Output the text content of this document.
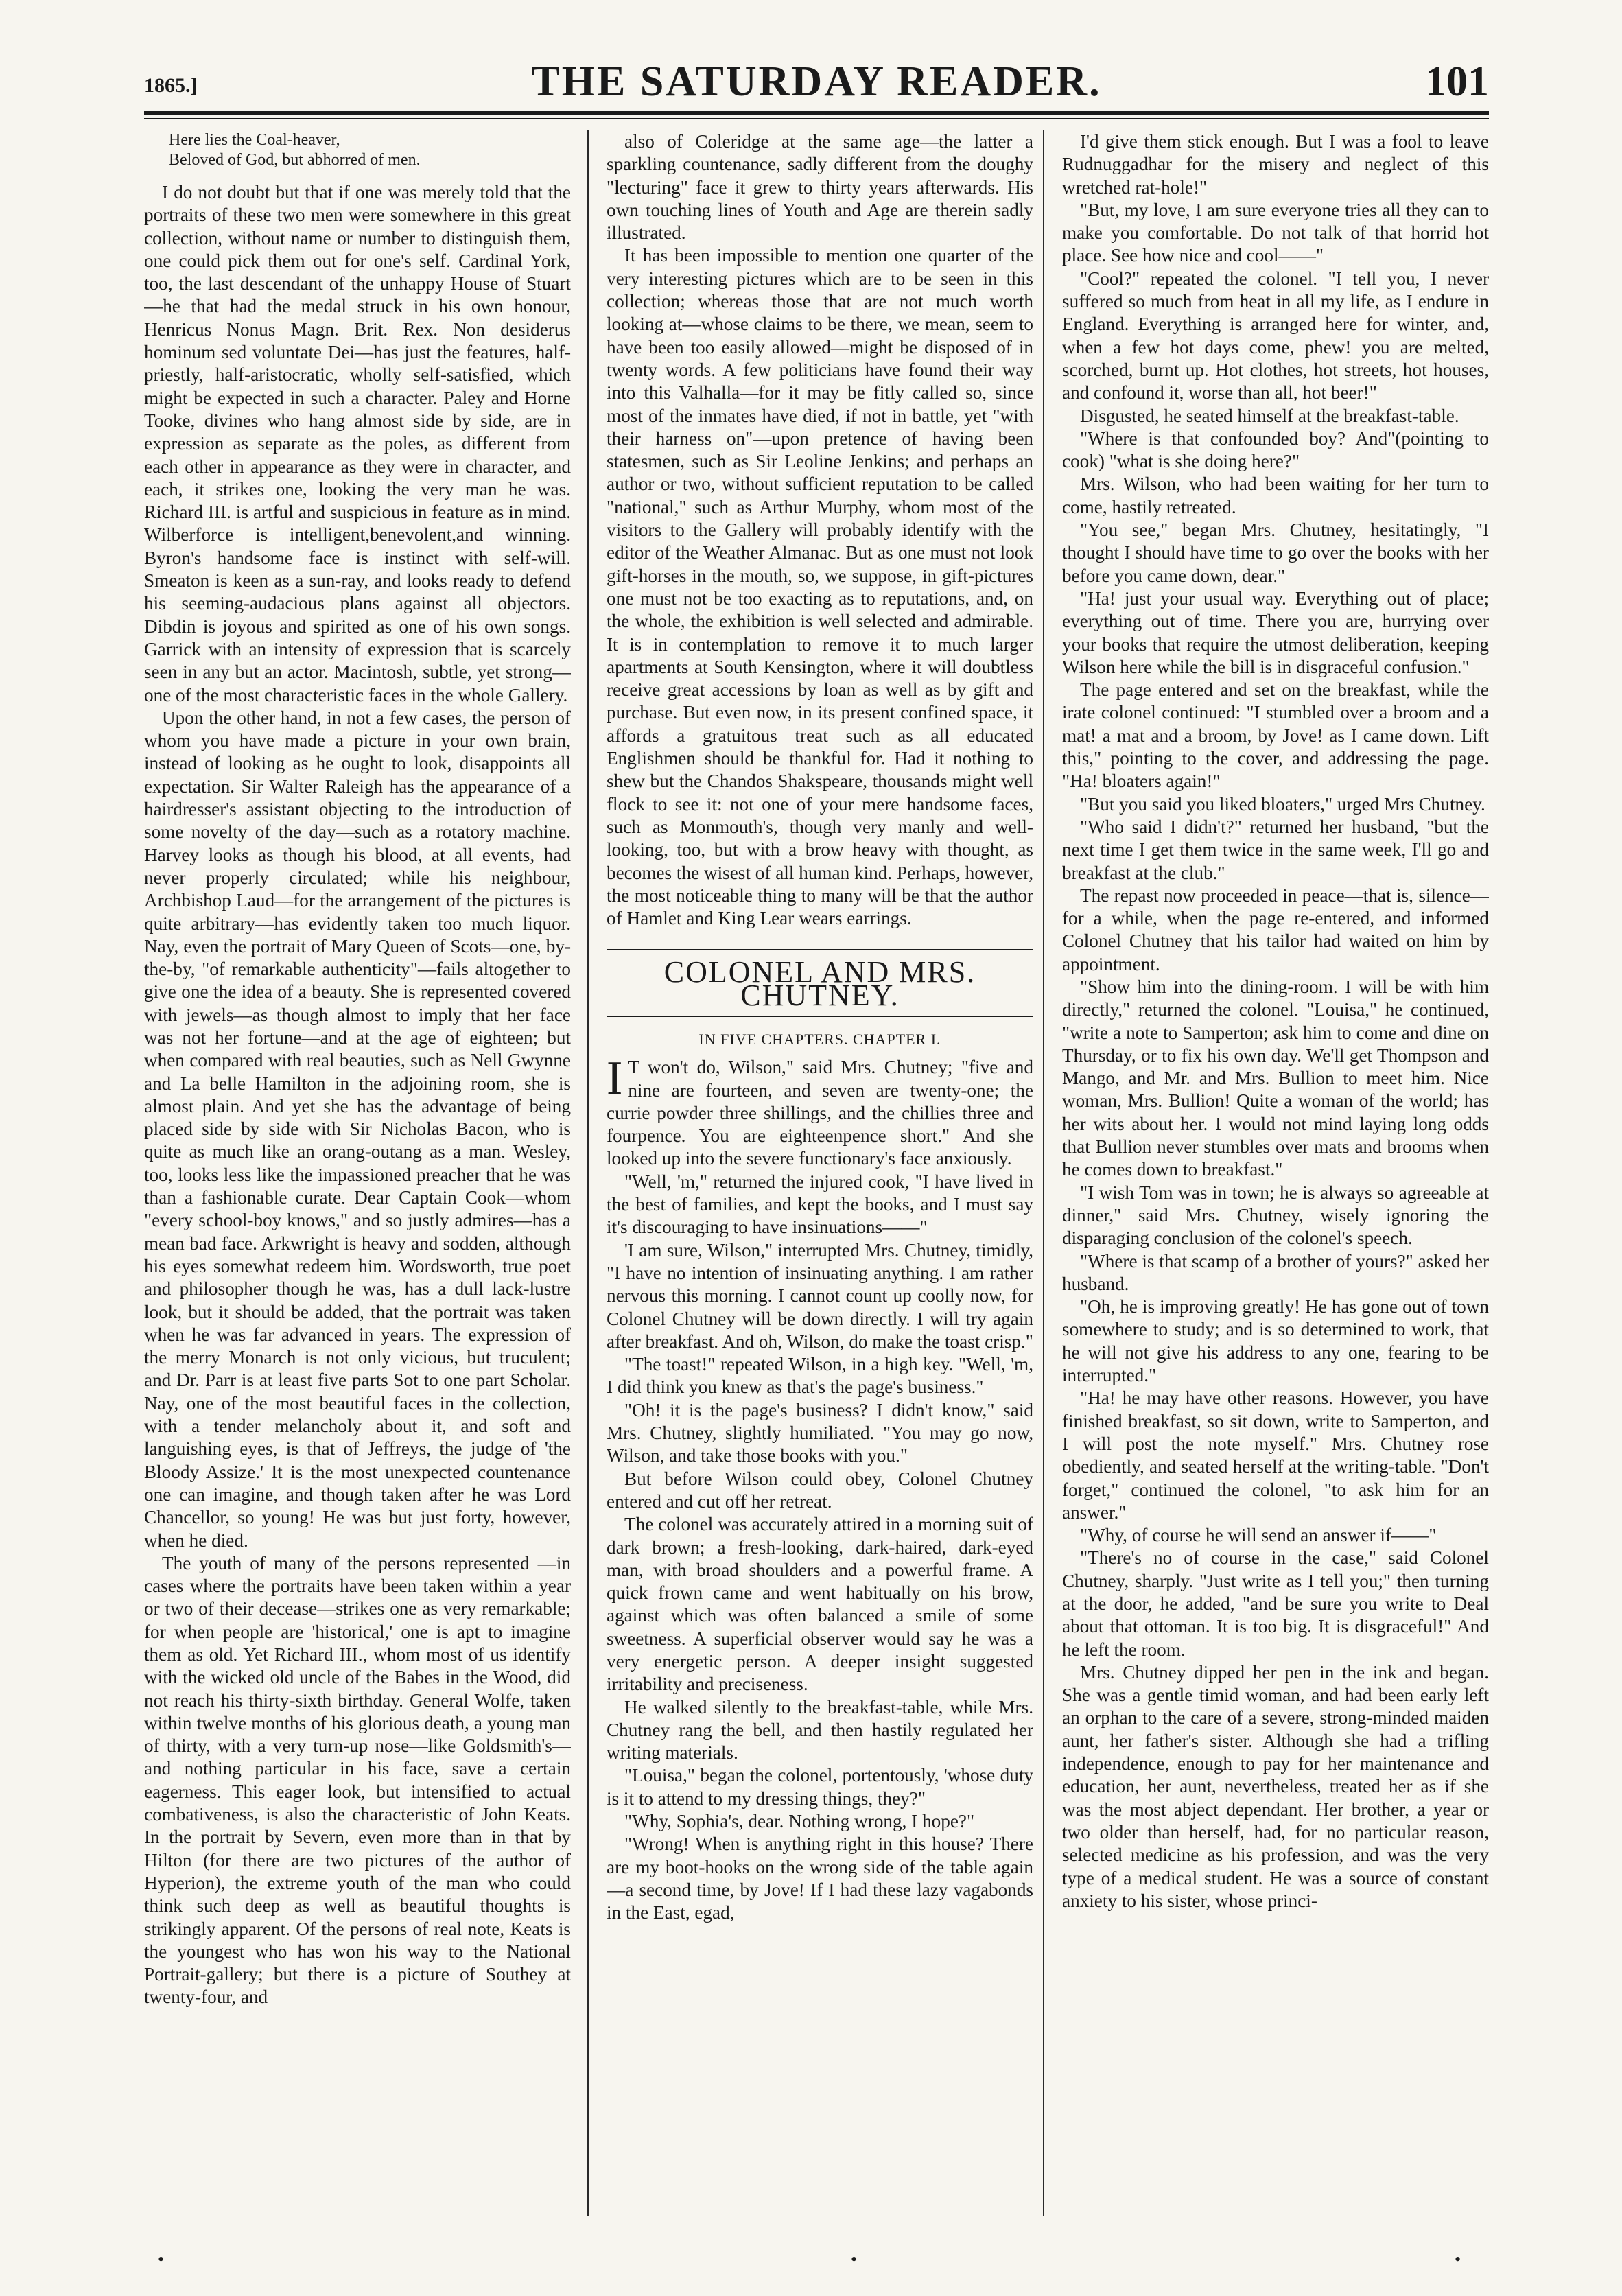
1865.]	THE SATURDAY READER.	101

Here lies the Coal-heaver,
Beloved of God, but abhorred of men.

I do not doubt but that if one was merely told that the portraits of these two men were somewhere in this great collection, without name or number to distinguish them, one could pick them out for one's self. Cardinal York, too, the last descendant of the unhappy House of Stuart—he that had the medal struck in his own honour, Henricus Nonus Magn. Brit. Rex. Non desiderus hominum sed voluntate Dei—has just the features, half-priestly, half-aristocratic, wholly self-satisfied, which might be expected in such a character. Paley and Horne Tooke, divines who hang almost side by side, are in expression as separate as the poles, as different from each other in appearance as they were in character, and each, it strikes one, looking the very man he was. Richard III. is artful and suspicious in feature as in mind. Wilberforce is intelligent,benevolent,and winning. Byron's handsome face is instinct with self-will. Smeaton is keen as a sun-ray, and looks ready to defend his seeming-audacious plans against all objectors. Dibdin is joyous and spirited as one of his own songs. Garrick with an intensity of expression that is scarcely seen in any but an actor. Macintosh, subtle, yet strong—one of the most characteristic faces in the whole Gallery.

Upon the other hand, in not a few cases, the person of whom you have made a picture in your own brain, instead of looking as he ought to look, disappoints all expectation. Sir Walter Raleigh has the appearance of a hairdresser's assistant objecting to the introduction of some novelty of the day—such as a rotatory machine. Harvey looks as though his blood, at all events, had never properly circulated; while his neighbour, Archbishop Laud—for the arrangement of the pictures is quite arbitrary—has evidently taken too much liquor. Nay, even the portrait of Mary Queen of Scots—one, by-the-by, "of remarkable authenticity"—fails altogether to give one the idea of a beauty. She is represented covered with jewels—as though almost to imply that her face was not her fortune—and at the age of eighteen; but when compared with real beauties, such as Nell Gwynne and La belle Hamilton in the adjoining room, she is almost plain. And yet she has the advantage of being placed side by side with Sir Nicholas Bacon, who is quite as much like an orang-outang as a man. Wesley, too, looks less like the impassioned preacher that he was than a fashionable curate. Dear Captain Cook—whom "every school-boy knows," and so justly admires—has a mean bad face. Arkwright is heavy and sodden, although his eyes somewhat redeem him. Wordsworth, true poet and philosopher though he was, has a dull lack-lustre look, but it should be added, that the portrait was taken when he was far advanced in years. The expression of the merry Monarch is not only vicious, but truculent; and Dr. Parr is at least five parts Sot to one part Scholar. Nay, one of the most beautiful faces in the collection, with a tender melancholy about it, and soft and languishing eyes, is that of Jeffreys, the judge of 'the Bloody Assize.' It is the most unexpected countenance one can imagine, and though taken after he was Lord Chancellor, so young! He was but just forty, however, when he died.

The youth of many of the persons represented —in cases where the portraits have been taken within a year or two of their decease—strikes one as very remarkable; for when people are 'historical,' one is apt to imagine them as old. Yet Richard III., whom most of us identify with the wicked old uncle of the Babes in the Wood, did not reach his thirty-sixth birthday. General Wolfe, taken within twelve months of his glorious death, a young man of thirty, with a very turn-up nose—like Goldsmith's—and nothing particular in his face, save a certain eagerness. This eager look, but intensified to actual combativeness, is also the characteristic of John Keats. In the portrait by Severn, even more than in that by Hilton (for there are two pictures of the author of Hyperion), the extreme youth of the man who could think such deep as well as beautiful thoughts is strikingly apparent. Of the persons of real note, Keats is the youngest who has won his way to the National Portrait-gallery; but there is a picture of Southey at twenty-four, and

also of Coleridge at the same age—the latter a sparkling countenance, sadly different from the doughy "lecturing" face it grew to thirty years afterwards. His own touching lines of Youth and Age are therein sadly illustrated.

It has been impossible to mention one quarter of the very interesting pictures which are to be seen in this collection; whereas those that are not much worth looking at—whose claims to be there, we mean, seem to have been too easily allowed—might be disposed of in twenty words. A few politicians have found their way into this Valhalla—for it may be fitly called so, since most of the inmates have died, if not in battle, yet "with their harness on"—upon pretence of having been statesmen, such as Sir Leoline Jenkins; and perhaps an author or two, without sufficient reputation to be called "national," such as Arthur Murphy, whom most of the visitors to the Gallery will probably identify with the editor of the Weather Almanac. But as one must not look gift-horses in the mouth, so, we suppose, in gift-pictures one must not be too exacting as to reputations, and, on the whole, the exhibition is well selected and admirable. It is in contemplation to remove it to much larger apartments at South Kensington, where it will doubtless receive great accessions by loan as well as by gift and purchase. But even now, in its present confined space, it affords a gratuitous treat such as all educated Englishmen should be thankful for. Had it nothing to shew but the Chandos Shakspeare, thousands might well flock to see it: not one of your mere handsome faces, such as Monmouth's, though very manly and well-looking, too, but with a brow heavy with thought, as becomes the wisest of all human kind. Perhaps, however, the most noticeable thing to many will be that the author of Hamlet and King Lear wears earrings.

COLONEL AND MRS. CHUTNEY.
IN FIVE CHAPTERS. CHAPTER I.

I T won't do, Wilson," said Mrs. Chutney; "five and nine are fourteen, and seven are twenty-one; the currie powder three shillings, and the chillies three and fourpence. You are eighteenpence short." And she looked up into the severe functionary's face anxiously.

"Well, 'm," returned the injured cook, "I have lived in the best of families, and kept the books, and I must say it's discouraging to have insinuations——"

'I am sure, Wilson," interrupted Mrs. Chutney, timidly, "I have no intention of insinuating anything. I am rather nervous this morning. I cannot count up coolly now, for Colonel Chutney will be down directly. I will try again after breakfast. And oh, Wilson, do make the toast crisp."

"The toast!" repeated Wilson, in a high key. "Well, 'm, I did think you knew as that's the page's business."

"Oh! it is the page's business? I didn't know," said Mrs. Chutney, slightly humiliated. "You may go now, Wilson, and take those books with you."

But before Wilson could obey, Colonel Chutney entered and cut off her retreat.

The colonel was accurately attired in a morning suit of dark brown; a fresh-looking, dark-haired, dark-eyed man, with broad shoulders and a powerful frame. A quick frown came and went habitually on his brow, against which was often balanced a smile of some sweetness. A superficial observer would say he was a very energetic person. A deeper insight suggested irritability and preciseness.

He walked silently to the breakfast-table, while Mrs. Chutney rang the bell, and then hastily regulated her writing materials.

"Louisa," began the colonel, portentously, 'whose duty is it to attend to my dressing things, they?"

"Why, Sophia's, dear. Nothing wrong, I hope?"

"Wrong! When is anything right in this house? There are my boot-hooks on the wrong side of the table again—a second time, by Jove! If I had these lazy vagabonds in the East, egad,

I'd give them stick enough. But I was a fool to leave Rudnuggadhar for the misery and neglect of this wretched rat-hole!"

"But, my love, I am sure everyone tries all they can to make you comfortable. Do not talk of that horrid hot place. See how nice and cool——"

"Cool?" repeated the colonel. "I tell you, I never suffered so much from heat in all my life, as I endure in England. Everything is arranged here for winter, and, when a few hot days come, phew! you are melted, scorched, burnt up. Hot clothes, hot streets, hot houses, and confound it, worse than all, hot beer!"

Disgusted, he seated himself at the breakfast-table.

"Where is that confounded boy? And"(pointing to cook) "what is she doing here?"

Mrs. Wilson, who had been waiting for her turn to come, hastily retreated.

"You see," began Mrs. Chutney, hesitatingly, "I thought I should have time to go over the books with her before you came down, dear."

"Ha! just your usual way. Everything out of place; everything out of time. There you are, hurrying over your books that require the utmost deliberation, keeping Wilson here while the bill is in disgraceful confusion."

The page entered and set on the breakfast, while the irate colonel continued: "I stumbled over a broom and a mat! a mat and a broom, by Jove! as I came down. Lift this," pointing to the cover, and addressing the page. "Ha! bloaters again!"

"But you said you liked bloaters," urged Mrs Chutney.

"Who said I didn't?" returned her husband, "but the next time I get them twice in the same week, I'll go and breakfast at the club."

The repast now proceeded in peace—that is, silence—for a while, when the page re-entered, and informed Colonel Chutney that his tailor had waited on him by appointment.

"Show him into the dining-room. I will be with him directly," returned the colonel. "Louisa," he continued, "write a note to Samperton; ask him to come and dine on Thursday, or to fix his own day. We'll get Thompson and Mango, and Mr. and Mrs. Bullion to meet him. Nice woman, Mrs. Bullion! Quite a woman of the world; has her wits about her. I would not mind laying long odds that Bullion never stumbles over mats and brooms when he comes down to breakfast."

"I wish Tom was in town; he is always so agreeable at dinner," said Mrs. Chutney, wisely ignoring the disparaging conclusion of the colonel's speech.

"Where is that scamp of a brother of yours?" asked her husband.

"Oh, he is improving greatly! He has gone out of town somewhere to study; and is so determined to work, that he will not give his address to any one, fearing to be interrupted."

"Ha! he may have other reasons. However, you have finished breakfast, so sit down, write to Samperton, and I will post the note myself." Mrs. Chutney rose obediently, and seated herself at the writing-table. "Don't forget," continued the colonel, "to ask him for an answer."

"Why, of course he will send an answer if——"

"There's no of course in the case," said Colonel Chutney, sharply. "Just write as I tell you;" then turning at the door, he added, "and be sure you write to Deal about that ottoman. It is too big. It is disgraceful!" And he left the room.

Mrs. Chutney dipped her pen in the ink and began. She was a gentle timid woman, and had been early left an orphan to the care of a severe, strong-minded maiden aunt, her father's sister. Although she had a trifling independence, enough to pay for her maintenance and education, her aunt, nevertheless, treated her as if she was the most abject dependant. Her brother, a year or two older than herself, had, for no particular reason, selected medicine as his profession, and was the very type of a medical student. He was a source of constant anxiety to his sister, whose princi-

•	•	•
